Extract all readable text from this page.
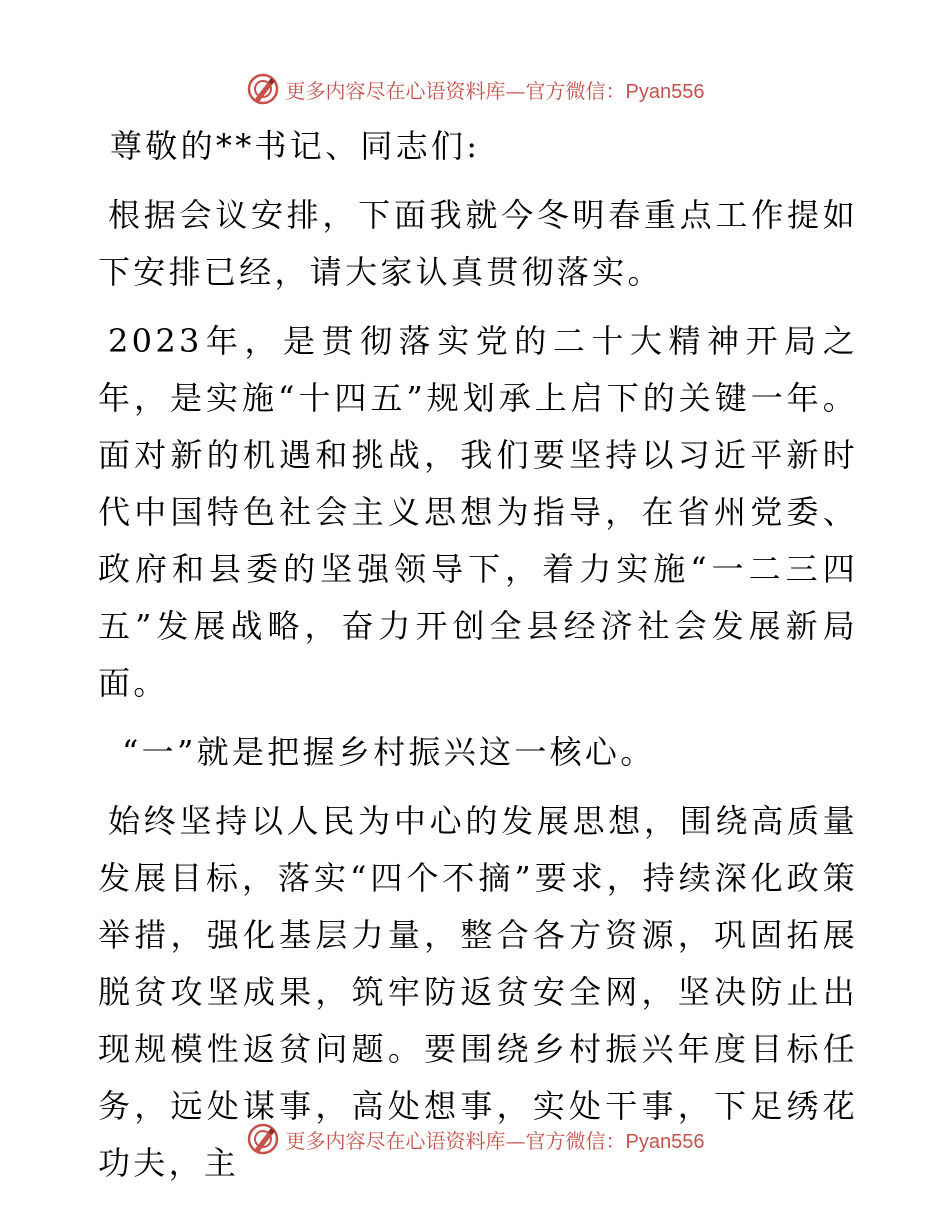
更多内容尽在心语资料库—官方微信：Pyan556

尊敬的**书记、同志们:

根据会议安排，下面我就今冬明春重点工作提如下安排已经，请大家认真贯彻落实。

2023年，是贯彻落实党的二十大精神开局之年，是实施“十四五”规划承上启下的关键一年。面对新的机遇和挑战，我们要坚持以习近平新时代中国特色社会主义思想为指导，在省州党委、政府和县委的坚强领导下，着力实施“一二三四五”发展战略，奋力开创全县经济社会发展新局面。

“一”就是把握乡村振兴这一核心。

始终坚持以人民为中心的发展思想，围绕高质量发展目标，落实“四个不摘”要求，持续深化政策举措，强化基层力量，整合各方资源，巩固拓展脱贫攻坚成果，筑牢防返贫安全网，坚决防止出现规模性返贫问题。要围绕乡村振兴年度目标任务，远处谋事，高处想事，实处干事，下足绣花功夫，主

更多内容尽在心语资料库—官方微信：Pyan556
